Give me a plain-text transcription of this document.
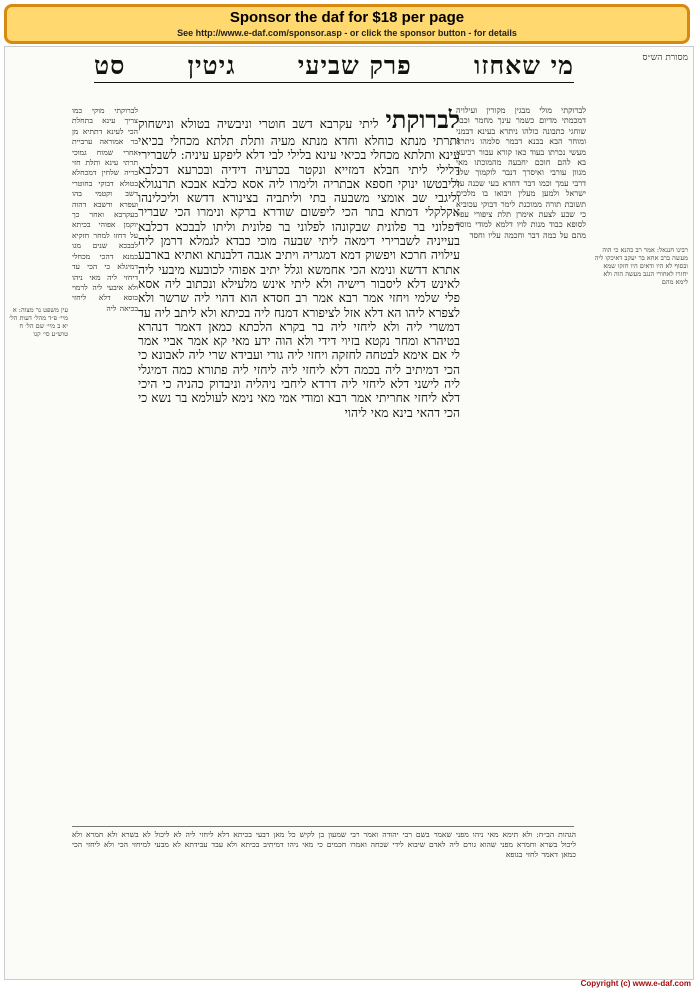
Sponsor the daf for $18 per page
See http://www.e-daf.com/sponsor.asp - or click the sponsor button - for details
מסורת הש״ס
מי שאחזו
פרק שביעי
גיטין
סט
לברוקתי מולי מבגין מקורין ועילויה דמכמתי מדיום כשמר עינך מחמר וכבר שוחגי כתבונה כולהו ניתרא בעינא דבמני ומוחר הבא בכנא דבמר סלמהו ניתרא מעשי נכרתו בעוד כאו קורא עבור רביעא בא להם חוכם יחבעה מהמוכתו מאי מגוון עורבי ואיסרך דנבר לוקמוך שלב דרבי עמך וכמו דבר דחדא בעי שכנה על ישראל ולמען מעלין ויבואו בו מלכים תשובת תורה ממוכנת לימר דבוקי עכוביא כי שבע לצעת אימרן תלת ציפורי עפיו לסופא כבוד מנות לויו דלמא למודי מוסר מהם על כמה דבר וחכמה עליו וחסד
לברוקתי מוקי כמו צריך עינא בתחלת הכי לעינא דתתיא מן בר אמוראה ערביית אחרי שמוח גמוכי תרתי עינא ותלת חזי בריה שלחין דמכחלא בטולא דבוקי בחוטרי דשב וקטמי בהו ועפרא ודשבא דהוה בעקרבא ואחר כך יוקמן אפוהי בכיתא על דחזו למחר חזקיא לבבכא שנים מגו כמנא דהכי מכחלי דמיגלא כי הכי עד דיחזי ליה מאי ניהו ולא איבעי ליה לרמוי כוסא דלא ליחזי בכיאה ליה
לברוקתי ליתי עקרבא דשב חוטרי וניבשיה בטולא ונישחוק ותרתי מנתא כוחלא וחדא מנתא מעיה ותלת תלתא מכחלי בכיאי עינא ותלתא מכחלי בכיאי עינא בלילי לבי דלא ליפקע עיניה: לשברירי דלילי ליתי חבלא דמזייא ונקטר בכרעיה דידיה ובכרעא דכלבא וליבטשו ינוקי חספא אבתריה ולימרו ליה אסא כלבא אבכא תרנגולא וליגבי שב אומצי משבעה בתי וליתביה בצינורא דדשא וליכלינהו אקלקלי דמתא בתר הכי ליפשום שודרא ברקא ונימרו הכי שבריר דפלוני בר פלונית שבקונהו לפלוני בר פלונית וליתו לבבכא דכלבא בעייניה לשברירי דימאה ליתי שבעה מוכי כבדא לגמלא דרמן ליה עילויה חרכא ויפשוק דמא דמגריה ויתיב אגבה דלבנתא ואתיא בארבע אתרא דדשא ונימא הכי אחמשא וגלל יתיב אפוהי לכובעא מיבעי ליה לאינש דלא ליסבור רישיה ולא ליתי אינש מלעילא ונכתוב ליה אסא פלי שלמי ויחזי אמר רבא אמר רב חסדא הוא דהוי ליה שרשר ולא לצפרא ליהו הא דלא אזל לציפורא דמנח ליה בכיתא ולא ליתב ליה עד דמשרי ליה ולא ליחזי ליה בר בקרא הלכתא כמאן דאמר דנהרא בטיהרא ומחר נקטא בזיוי דידי ולא הוה ידע מאי קא אמר אביי אמר לי אם אימא לבטחה לחזקה ויחזי ליה גורי ועבידא שרי ליה לאבונא כי הכי דמיתיב ליה בכמה דלא ליחזי ליה ליחזי ליה פתורא כמה דמיגלי ליה לישני דלא ליחזי ליה דרדא ליחבי ניהליה וניבדוק כהניה כי היכי דלא ליחזי אחריתי אמר רבא ומודי אמי מאי נימא לעולמא בר נשא כי הכי דהאי בינא מאי ליהוי
רבינו חננאל: אמר רב כהנא כי הוה מעשה ברב אחא בר יעקב דאיכקו ליה ובסוף לא היו ודאים היו חזקו שמא יחזרו לאחורי הנגב מעשה הוה ולא לימא מהם
עין משפט נר מצוה: א מיי׳ פ״ד מהל׳ דעות הל׳ יא ב מיי׳ שם הל׳ ח טוש״ע סי׳ קנו
הגהות הב״ח: ולא תימא מאי ניהו מפני שאמר בשם רבי יהודה ואמר רבי שמעון בן לקיש כל מאן דבעי בכיתא דלא ליחזי ליה לא ליכול לא בשרא ולא חמרא ולא ליכול בשרא וחמרא מפני שהוא גורם ליה לאדם שיבוא לידי שכחה ואמרו חכמים כי מאי ניהו דמיתיב בכיתא ולא עבד עבידתא לא מבעי למיחזי הכי ולא ליחזי הכי כמאן דאמר לחזי בגופא
Copyright (c) www.e-daf.com
